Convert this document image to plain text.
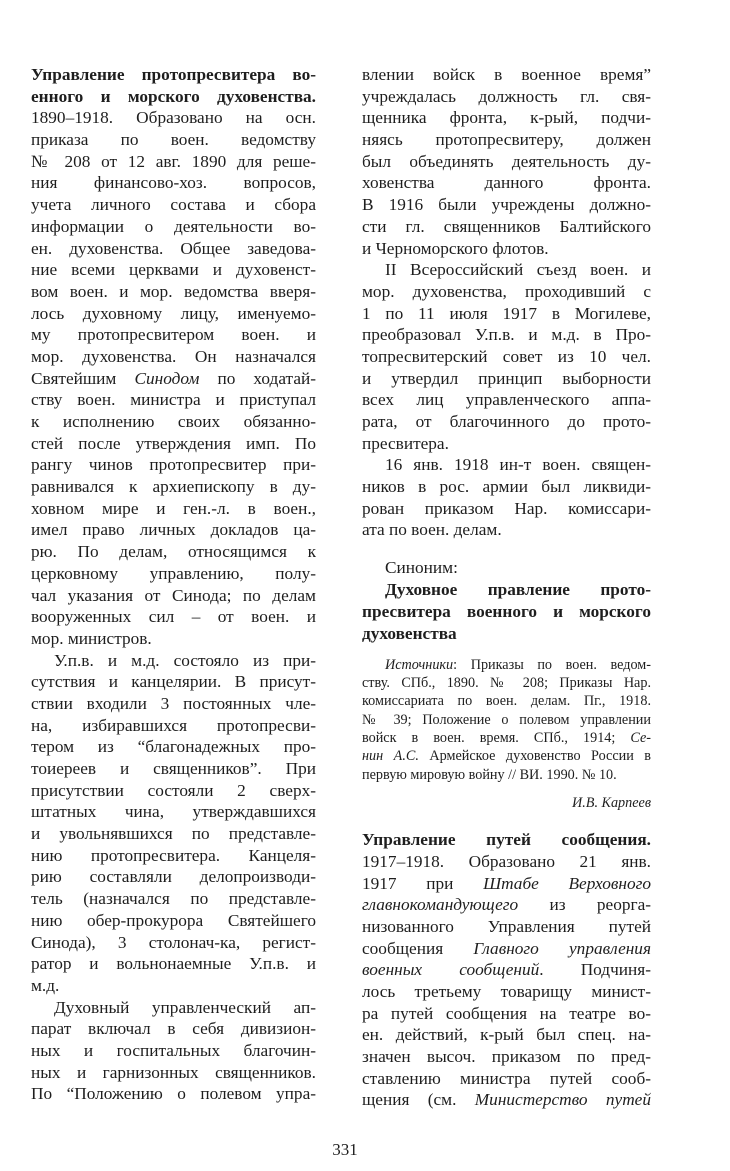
Управление протопресвитера во-
енного и морского духовенства.
1890–1918. Образовано на осн.
приказа по воен. ведомству
№ 208 от 12 авг. 1890 для реше-
ния финансово-хоз. вопросов,
учета личного состава и сбора
информации о деятельности во-
ен. духовенства. Общее заведова-
ние всеми церквами и духовенст-
вом воен. и мор. ведомства вверя-
лось духовному лицу, именуемо-
му протопресвитером воен. и
мор. духовенства. Он назначался
Святейшим Синодом по ходатай-
ству воен. министра и приступал
к исполнению своих обязанно-
стей после утверждения имп. По
рангу чинов протопресвитер при-
равнивался к архиепископу в ду-
ховном мире и ген.-л. в воен.,
имел право личных докладов ца-
рю. По делам, относящимся к
церковному управлению, полу-
чал указания от Синода; по делам
вооруженных сил – от воен. и
мор. министров.
У.п.в. и м.д. состояло из при-
сутствия и канцелярии. В присут-
ствии входили 3 постоянных чле-
на, избиравшихся протопресви-
тером из “благонадежных про-
тоиереев и священников”. При
присутствии состояли 2 сверх-
штатных чина, утверждавшихся
и увольнявшихся по представле-
нию протопресвитера. Канцеля-
рию составляли делопроизводи-
тель (назначался по представле-
нию обер-прокурора Святейшего
Синода), 3 столонач-ка, регист-
ратор и вольнонаемные У.п.в. и
м.д.
Духовный управленческий ап-
парат включал в себя дивизион-
ных и госпитальных благочин-
ных и гарнизонных священников.
По “Положению о полевом упра-
влении войск в военное время”
учреждалась должность гл. свя-
щенника фронта, к-рый, подчи-
няясь протопресвитеру, должен
был объединять деятельность ду-
ховенства данного фронта.
В 1916 были учреждены должно-
сти гл. священников Балтийского
и Черноморского флотов.
II Всероссийский съезд воен. и
мор. духовенства, проходивший с
1 по 11 июля 1917 в Могилеве,
преобразовал У.п.в. и м.д. в Про-
топресвитерский совет из 10 чел.
и утвердил принцип выборности
всех лиц управленческого аппа-
рата, от благочинного до прото-
пресвитера.
16 янв. 1918 ин-т воен. священ-
ников в рос. армии был ликвиди-
рован приказом Нар. комиссари-
ата по воен. делам.
Синоним:
Духовное правление прото-
пресвитера военного и морского
духовенства
Источники: Приказы по воен. ведом-
ству. СПб., 1890. № 208; Приказы Нар.
комиссариата по воен. делам. Пг., 1918.
№ 39; Положение о полевом управлении
войск в воен. время. СПб., 1914; Се-
нин А.С. Армейское духовенство России в
первую мировую войну // ВИ. 1990. № 10.
И.В. Карпеев
Управление путей сообщения.
1917–1918. Образовано 21 янв.
1917 при Штабе Верховного
главнокомандующего из реорга-
низованного Управления путей
сообщения Главного управления
военных сообщений. Подчиня-
лось третьему товарищу минист-
ра путей сообщения на театре во-
ен. действий, к-рый был спец. на-
значен высоч. приказом по пред-
ставлению министра путей сооб-
щения (см. Министерство путей
331
